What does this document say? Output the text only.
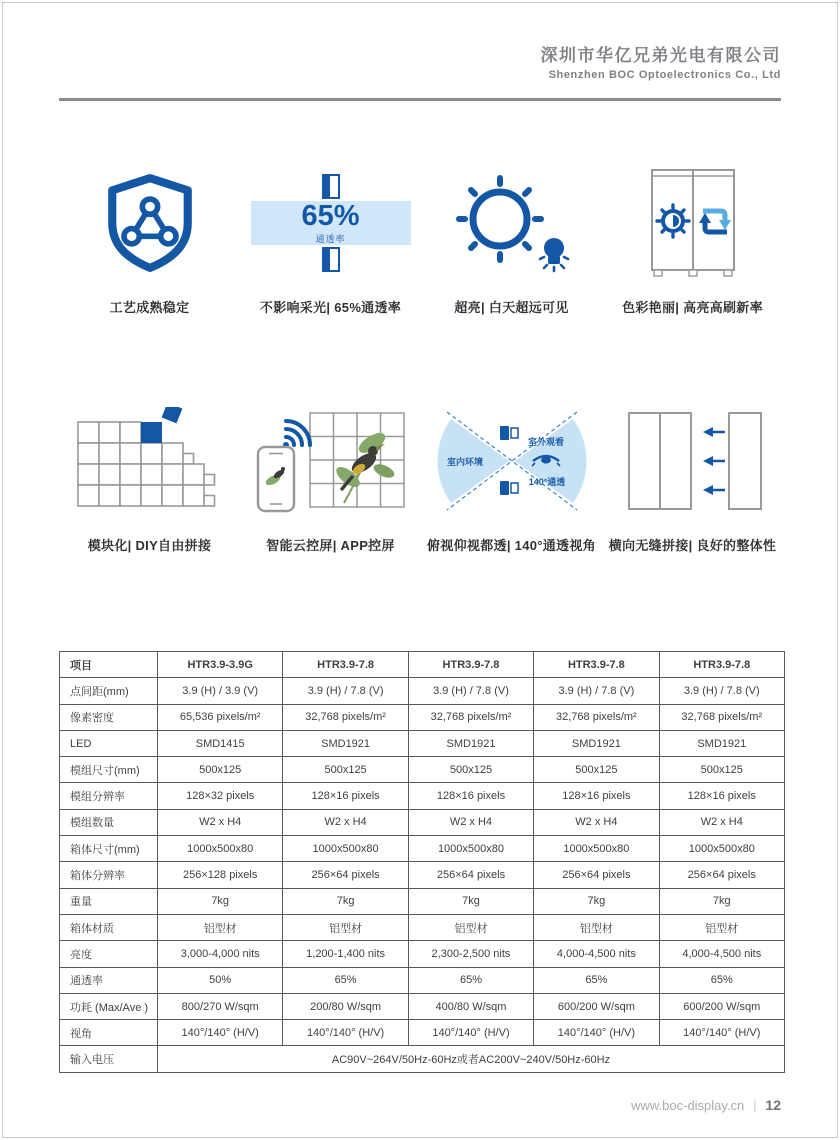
深圳市华亿兄弟光电有限公司
Shenzhen BOC Optoelectronics Co., Ltd
工艺成熟稳定
65%
通透率
不影响采光| 65%通透率	超亮| 白天超远可见	色彩艳丽| 高亮高刷新率
模块化| DIY自由拼接	智能云控屏| APP控屏
室内环境
室外观看
140°通透
俯视仰视都透| 140°通透视角 横向无缝拼接| 良好的整体性
项目	HTR3.9-3.9G	HTR3.9-7.8	HTR3.9-7.8	HTR3.9-7.8	HTR3.9-7.8
点间距(mm)	3.9 (H) / 3.9 (V)	3.9 (H) / 7.8 (V)	3.9 (H) / 7.8 (V)	3.9 (H) / 7.8 (V)	3.9 (H) / 7.8 (V)
像素密度	65,536 pixels/m²	32,768 pixels/m²	32,768 pixels/m²	32,768 pixels/m²	32,768 pixels/m²
LED	SMD1415	SMD1921	SMD1921	SMD1921	SMD1921
模组尺寸(mm)	500x125	500x125	500x125	500x125	500x125
模组分辨率	128×32 pixels	128×16 pixels	128×16 pixels	128×16 pixels	128×16 pixels
模组数量	W2 x H4	W2 x H4	W2 x H4	W2 x H4	W2 x H4
箱体尺寸(mm)	1000x500x80	1000x500x80	1000x500x80	1000x500x80	1000x500x80
箱体分辨率	256×128 pixels	256×64 pixels	256×64 pixels	256×64 pixels	256×64 pixels
重量	7kg	7kg	7kg	7kg	7kg
箱体材质	铝型材	铝型材	铝型材	铝型材	铝型材
亮度	3,000-4,000 nits	1,200-1,400 nits	2,300-2,500 nits	4,000-4,500 nits	4,000-4,500 nits
通透率	50%	65%	65%	65%	65%
功耗 (Max/Ave )	800/270 W/sqm	200/80 W/sqm	400/80 W/sqm	600/200 W/sqm	600/200 W/sqm
视角	140°/140° (H/V)	140°/140° (H/V)	140°/140° (H/V)	140°/140° (H/V)	140°/140° (H/V)
输入电压	AC90V~264V/50Hz-60Hz或者AC200V~240V/50Hz-60Hz				
www.boc-display.cn | 12
